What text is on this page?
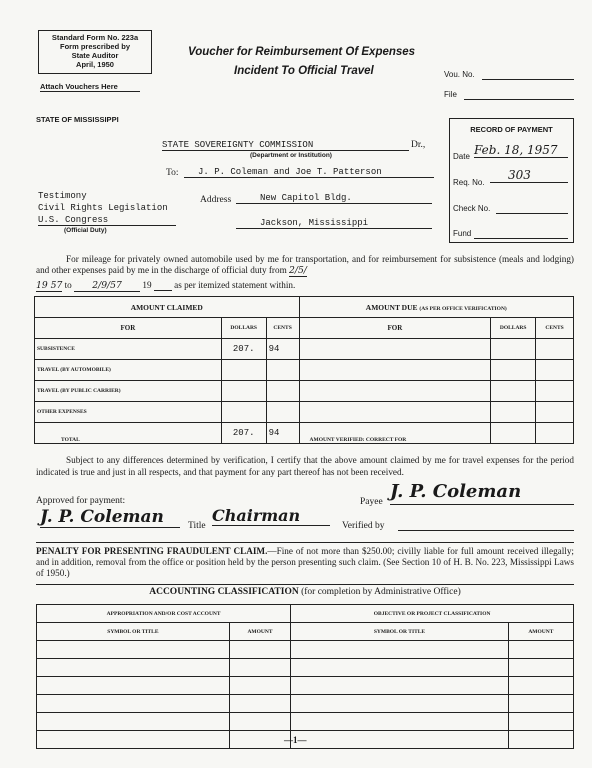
Standard Form No. 223a
Form prescribed by
State Auditor
April, 1950
Attach Vouchers Here
Voucher for Reimbursement Of Expenses
Incident To Official Travel	Vou. No.
File
STATE OF MISSISSIPPI
RECORD OF PAYMENT
Date Feb. 18, 1957
Req. No.
303
Check No.
Fund
STATE SOVEREIGNTY COMMISSION	Dr.,
(Department or Institution)
To:	J. P. Coleman and Joe T. Patterson
Testimony
Civil Rights Legislation
U.S. Congress
(Official Duty)
Address	New Capitol Bldg.
Jackson, Mississippi
For mileage for privately owned automobile used by me for transportation, and for reimbursement for subsistence (meals and lodging) and other expenses paid by me in the discharge of official duty from 2/5/
19 57 to 2/9/57 19 as per itemized statement within.
AMOUNT CLAIMED			AMOUNT DUE (AS PER OFFICE VERIFICATION)		
FOR	DOLLARS	CENTS	FOR	DOLLARS	CENTS
SUBSISTENCE	207.	94			
TRAVEL (BY AUTOMOBILE)					
TRAVEL (BY PUBLIC CARRIER)					
OTHER EXPENSES					
TOTAL	207.	94	AMOUNT VERIFIED: CORRECT FOR		
Subject to any differences determined by verification, I certify that the above amount claimed by me for travel expenses for the period indicated is true and just in all respects, and that payment for any part thereof has not been received.
Approved for payment:
J. P. Coleman	Title
Chairman
Payee J. P. Coleman
Verified by
PENALTY FOR PRESENTING FRAUDULENT CLAIM.—Fine of not more than $250.00; civilly liable for full amount received illegally; and in addition, removal from the office or position held by the person presenting such claim. (See Section 10 of H. B. No. 223, Mississippi Laws of 1950.)
ACCOUNTING CLASSIFICATION (for completion by Administrative Office)
APPROPRIATION AND/OR COST ACCOUNT		OBJECTIVE OR PROJECT CLASSIFICATION	
SYMBOL OR TITLE	AMOUNT	SYMBOL OR TITLE	AMOUNT

—1—
